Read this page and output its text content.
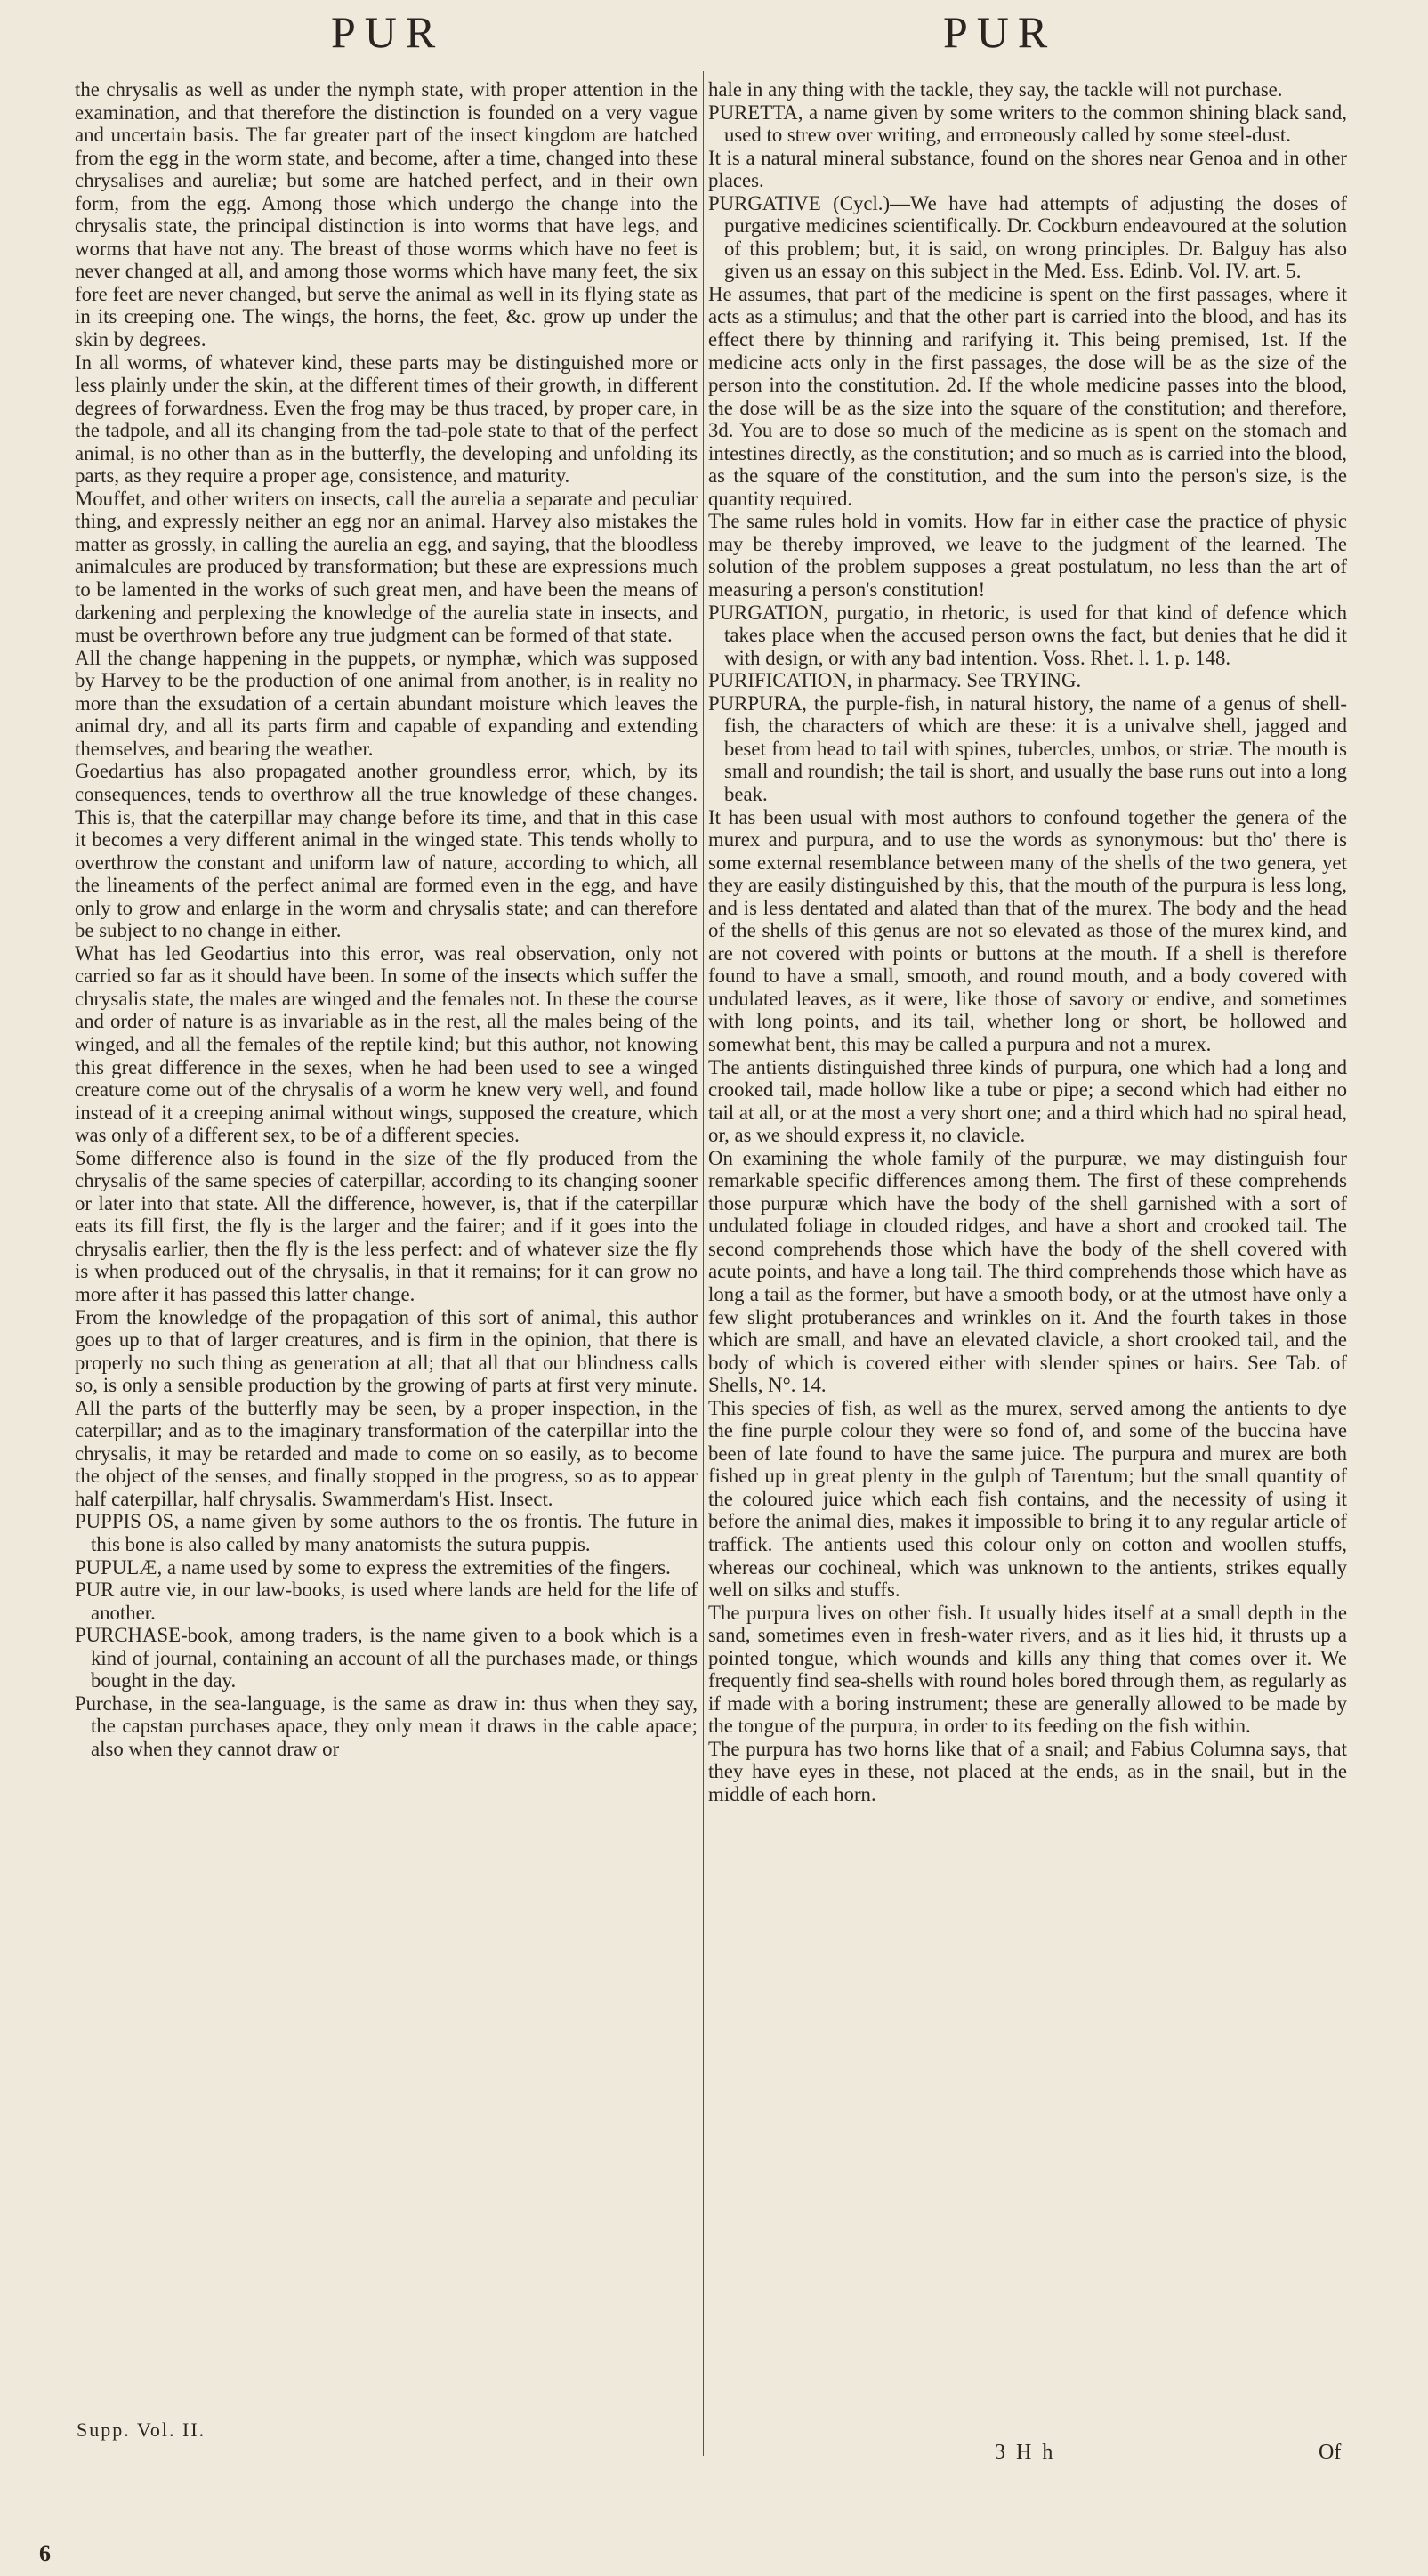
PUR	PUR

the chrysalis as well as under the nymph state, with proper attention in the examination, and that therefore the distinction is founded on a very vague and uncertain basis. The far greater part of the insect kingdom are hatched from the egg in the worm state, and become, after a time, changed into these chrysalises and aureliæ; but some are hatched perfect, and in their own form, from the egg. Among those which undergo the change into the chrysalis state, the principal distinction is into worms that have legs, and worms that have not any. The breast of those worms which have no feet is never changed at all, and among those worms which have many feet, the six fore feet are never changed, but serve the animal as well in its flying state as in its creeping one. The wings, the horns, the feet, &c. grow up under the skin by degrees.

In all worms, of whatever kind, these parts may be distinguished more or less plainly under the skin, at the different times of their growth, in different degrees of forwardness. Even the frog may be thus traced, by proper care, in the tadpole, and all its changing from the tad-pole state to that of the perfect animal, is no other than as in the butterfly, the developing and unfolding its parts, as they require a proper age, consistence, and maturity.

Mouffet, and other writers on insects, call the aurelia a separate and peculiar thing, and expressly neither an egg nor an animal. Harvey also mistakes the matter as grossly, in calling the aurelia an egg, and saying, that the bloodless animalcules are produced by transformation; but these are expressions much to be lamented in the works of such great men, and have been the means of darkening and perplexing the knowledge of the aurelia state in insects, and must be overthrown before any true judgment can be formed of that state.

All the change happening in the puppets, or nymphæ, which was supposed by Harvey to be the production of one animal from another, is in reality no more than the exsudation of a certain abundant moisture which leaves the animal dry, and all its parts firm and capable of expanding and extending themselves, and bearing the weather.

Goedartius has also propagated another groundless error, which, by its consequences, tends to overthrow all the true knowledge of these changes. This is, that the caterpillar may change before its time, and that in this case it becomes a very different animal in the winged state. This tends wholly to overthrow the constant and uniform law of nature, according to which, all the lineaments of the perfect animal are formed even in the egg, and have only to grow and enlarge in the worm and chrysalis state; and can therefore be subject to no change in either.

What has led Geodartius into this error, was real observation, only not carried so far as it should have been. In some of the insects which suffer the chrysalis state, the males are winged and the females not. In these the course and order of nature is as invariable as in the rest, all the males being of the winged, and all the females of the reptile kind; but this author, not knowing this great difference in the sexes, when he had been used to see a winged creature come out of the chrysalis of a worm he knew very well, and found instead of it a creeping animal without wings, supposed the creature, which was only of a different sex, to be of a different species.

Some difference also is found in the size of the fly produced from the chrysalis of the same species of caterpillar, according to its changing sooner or later into that state. All the difference, however, is, that if the caterpillar eats its fill first, the fly is the larger and the fairer; and if it goes into the chrysalis earlier, then the fly is the less perfect: and of whatever size the fly is when produced out of the chrysalis, in that it remains; for it can grow no more after it has passed this latter change.

From the knowledge of the propagation of this sort of animal, this author goes up to that of larger creatures, and is firm in the opinion, that there is properly no such thing as generation at all; that all that our blindness calls so, is only a sensible production by the growing of parts at first very minute. All the parts of the butterfly may be seen, by a proper inspection, in the caterpillar; and as to the imaginary transformation of the caterpillar into the chrysalis, it may be retarded and made to come on so easily, as to become the object of the senses, and finally stopped in the progress, so as to appear half caterpillar, half chrysalis. Swammerdam's Hist. Insect.

PUPPIS OS, a name given by some authors to the os frontis. The future in this bone is also called by many anatomists the sutura puppis.

PUPULÆ, a name used by some to express the extremities of the fingers.

PUR autre vie, in our law-books, is used where lands are held for the life of another.

PURCHASE-book, among traders, is the name given to a book which is a kind of journal, containing an account of all the purchases made, or things bought in the day.

Purchase, in the sea-language, is the same as draw in: thus when they say, the capstan purchases apace, they only mean it draws in the cable apace; also when they cannot draw or

hale in any thing with the tackle, they say, the tackle will not purchase.

PURETTA, a name given by some writers to the common shining black sand, used to strew over writing, and erroneously called by some steel-dust.

It is a natural mineral substance, found on the shores near Genoa and in other places.

PURGATIVE (Cycl.)—We have had attempts of adjusting the doses of purgative medicines scientifically. Dr. Cockburn endeavoured at the solution of this problem; but, it is said, on wrong principles. Dr. Balguy has also given us an essay on this subject in the Med. Ess. Edinb. Vol. IV. art. 5.

He assumes, that part of the medicine is spent on the first passages, where it acts as a stimulus; and that the other part is carried into the blood, and has its effect there by thinning and rarifying it. This being premised, 1st. If the medicine acts only in the first passages, the dose will be as the size of the person into the constitution. 2d. If the whole medicine passes into the blood, the dose will be as the size into the square of the constitution; and therefore, 3d. You are to dose so much of the medicine as is spent on the stomach and intestines directly, as the constitution; and so much as is carried into the blood, as the square of the constitution, and the sum into the person's size, is the quantity required.

The same rules hold in vomits. How far in either case the practice of physic may be thereby improved, we leave to the judgment of the learned. The solution of the problem supposes a great postulatum, no less than the art of measuring a person's constitution!

PURGATION, purgatio, in rhetoric, is used for that kind of defence which takes place when the accused person owns the fact, but denies that he did it with design, or with any bad intention. Voss. Rhet. l. 1. p. 148.

PURIFICATION, in pharmacy. See TRYING.

PURPURA, the purple-fish, in natural history, the name of a genus of shell-fish, the characters of which are these: it is a univalve shell, jagged and beset from head to tail with spines, tubercles, umbos, or striæ. The mouth is small and roundish; the tail is short, and usually the base runs out into a long beak.

It has been usual with most authors to confound together the genera of the murex and purpura, and to use the words as synonymous: but tho' there is some external resemblance between many of the shells of the two genera, yet they are easily distinguished by this, that the mouth of the purpura is less long, and is less dentated and alated than that of the murex. The body and the head of the shells of this genus are not so elevated as those of the murex kind, and are not covered with points or buttons at the mouth. If a shell is therefore found to have a small, smooth, and round mouth, and a body covered with undulated leaves, as it were, like those of savory or endive, and sometimes with long points, and its tail, whether long or short, be hollowed and somewhat bent, this may be called a purpura and not a murex.

The antients distinguished three kinds of purpura, one which had a long and crooked tail, made hollow like a tube or pipe; a second which had either no tail at all, or at the most a very short one; and a third which had no spiral head, or, as we should express it, no clavicle.

On examining the whole family of the purpuræ, we may distinguish four remarkable specific differences among them. The first of these comprehends those purpuræ which have the body of the shell garnished with a sort of undulated foliage in clouded ridges, and have a short and crooked tail. The second comprehends those which have the body of the shell covered with acute points, and have a long tail. The third comprehends those which have as long a tail as the former, but have a smooth body, or at the utmost have only a few slight protuberances and wrinkles on it. And the fourth takes in those which are small, and have an elevated clavicle, a short crooked tail, and the body of which is covered either with slender spines or hairs. See Tab. of Shells, N°. 14.

This species of fish, as well as the murex, served among the antients to dye the fine purple colour they were so fond of, and some of the buccina have been of late found to have the same juice. The purpura and murex are both fished up in great plenty in the gulph of Tarentum; but the small quantity of the coloured juice which each fish contains, and the necessity of using it before the animal dies, makes it impossible to bring it to any regular article of traffick. The antients used this colour only on cotton and woollen stuffs, whereas our cochineal, which was unknown to the antients, strikes equally well on silks and stuffs.

The purpura lives on other fish. It usually hides itself at a small depth in the sand, sometimes even in fresh-water rivers, and as it lies hid, it thrusts up a pointed tongue, which wounds and kills any thing that comes over it. We frequently find sea-shells with round holes bored through them, as regularly as if made with a boring instrument; these are generally allowed to be made by the tongue of the purpura, in order to its feeding on the fish within.

The purpura has two horns like that of a snail; and Fabius Columna says, that they have eyes in these, not placed at the ends, as in the snail, but in the middle of each horn.

Supp. Vol. II.
3 H h	Of
6
